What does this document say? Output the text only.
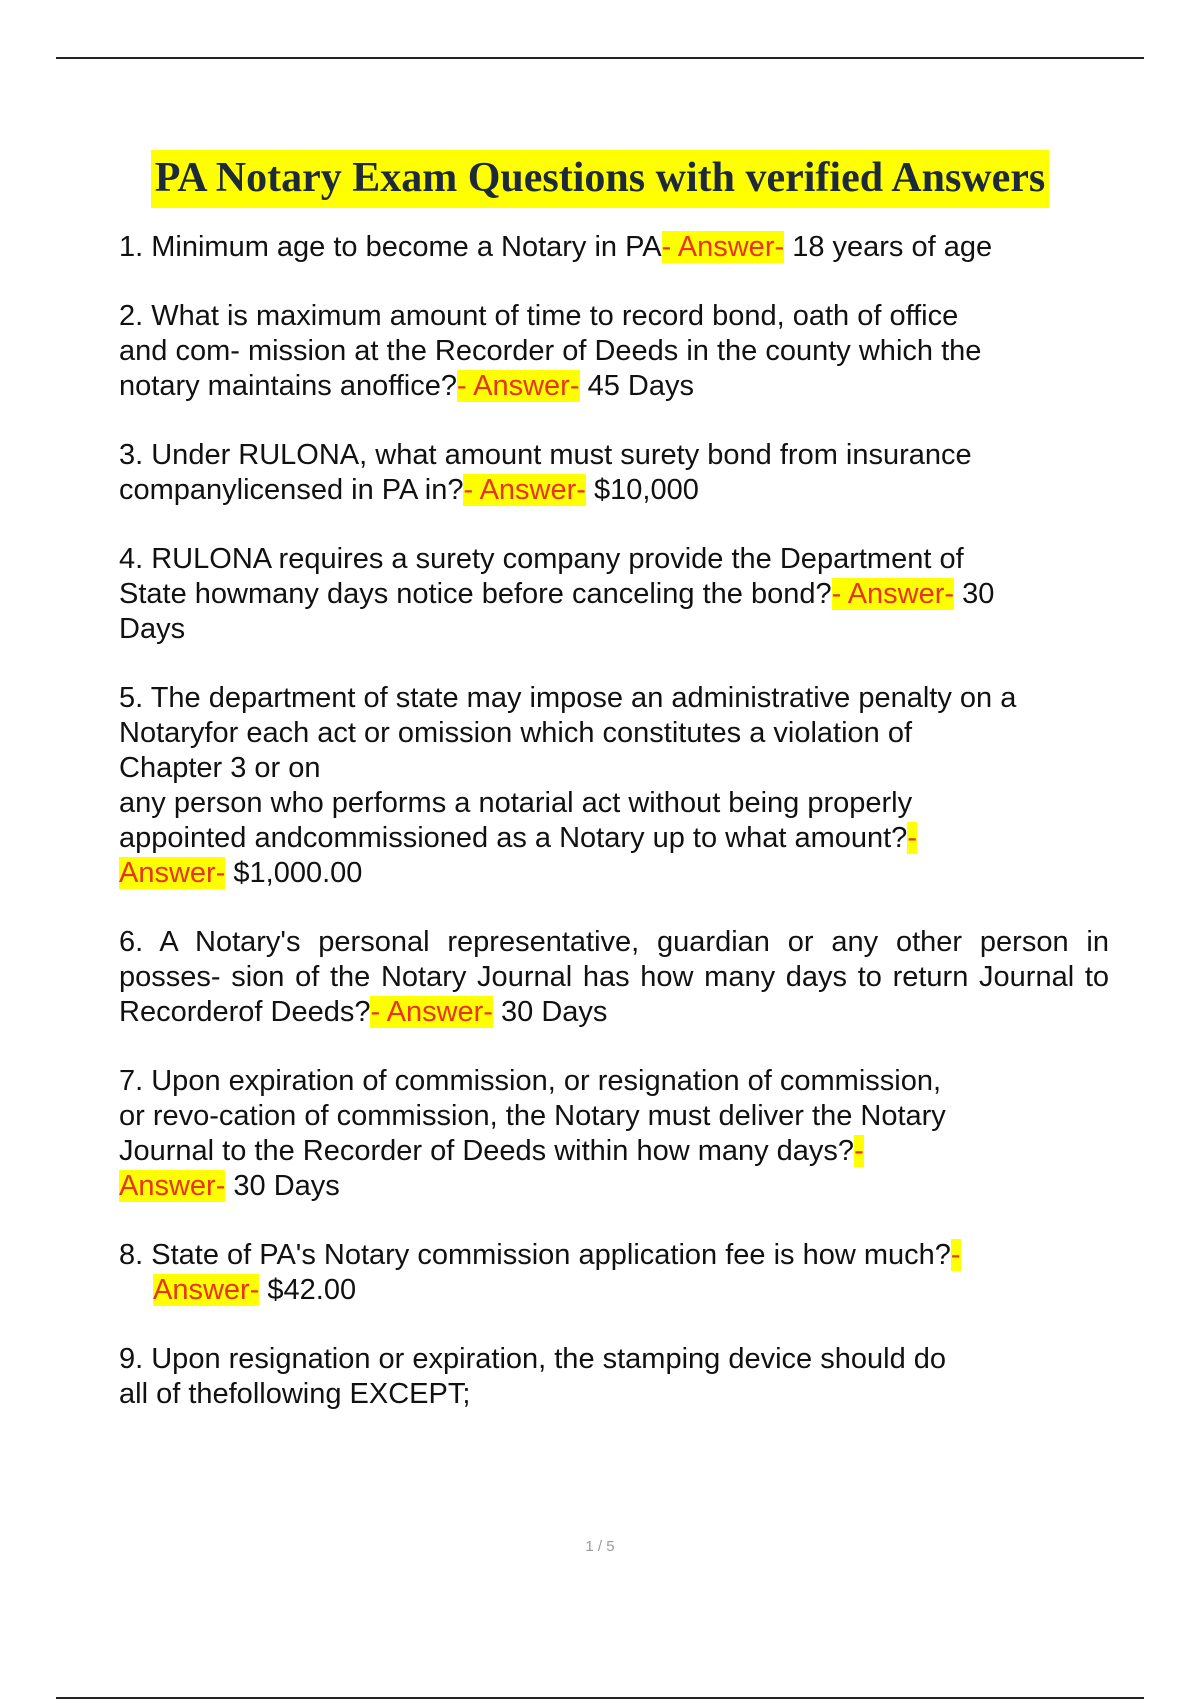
PA Notary Exam Questions with verified Answers
1. Minimum age to become a Notary in PA- Answer- 18 years of age
2. What is maximum amount of time to record bond, oath of office
and com- mission at the Recorder of Deeds in the county which the
notary maintains anoffice?- Answer- 45 Days
3. Under RULONA, what amount must surety bond from insurance
companylicensed in PA in?- Answer- $10,000
4. RULONA requires a surety company provide the Department of
State howmany days notice before canceling the bond?- Answer- 30
Days
5. The department of state may impose an administrative penalty on a
Notaryfor each act or omission which constitutes a violation of
Chapter 3 or on
any person who performs a notarial act without being properly
appointed andcommissioned as a Notary up to what amount?-
Answer- $1,000.00
6. A Notary's personal representative, guardian or any other person in posses- sion of the Notary Journal has how many days to return Journal to Recorderof Deeds?- Answer- 30 Days
7. Upon expiration of commission, or resignation of commission,
or revo-cation of commission, the Notary must deliver the Notary
Journal to the Recorder of Deeds within how many days?-
Answer- 30 Days
8. State of PA's Notary commission application fee is how much?-
Answer- $42.00
9. Upon resignation or expiration, the stamping device should do
all of thefollowing EXCEPT;
1 / 5
